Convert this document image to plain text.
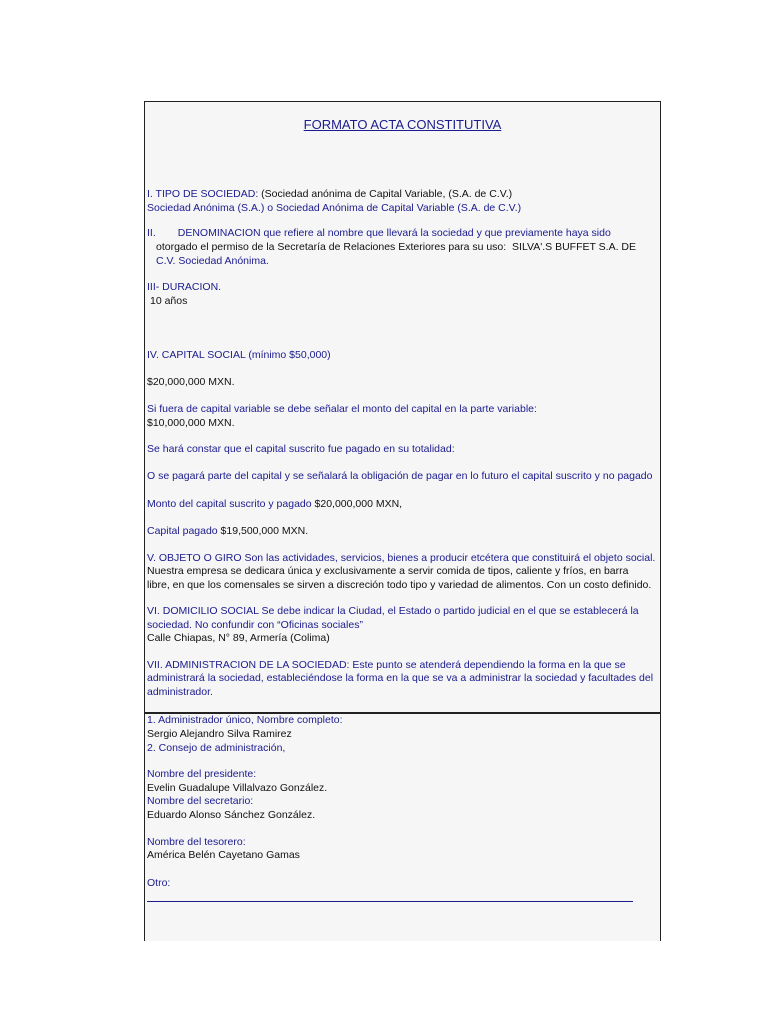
FORMATO ACTA CONSTITUTIVA

I. TIPO DE SOCIEDAD: (Sociedad anónima de Capital Variable, (S.A. de C.V.)

Sociedad Anónima (S.A.) o Sociedad Anónima de Capital Variable (S.A. de C.V.)

II. DENOMINACION que refiere al nombre que llevará la sociedad y que previamente haya sido

otorgado el permiso de la Secretaría de Relaciones Exteriores para su uso: SILVA'.S BUFFET S.A. DE

C.V. Sociedad Anónima.

III- DURACION.

10 años

IV. CAPITAL SOCIAL (mínimo $50,000)

$20,000,000 MXN.

Si fuera de capital variable se debe señalar el monto del capital en la parte variable:

$10,000,000 MXN.

Se hará constar que el capital suscrito fue pagado en su totalidad:

O se pagará parte del capital y se señalará la obligación de pagar en lo futuro el capital suscrito y no pagado

Monto del capital suscrito y pagado $20,000,000 MXN,

Capital pagado $19,500,000 MXN.

V. OBJETO O GIRO Son las actividades, servicios, bienes a producir etcétera que constituirá el objeto social.

Nuestra empresa se dedicara única y exclusivamente a servir comida de tipos, caliente y fríos, en barra

libre, en que los comensales se sirven a discreción todo tipo y variedad de alimentos. Con un costo definido.

VI. DOMICILIO SOCIAL Se debe indicar la Ciudad, el Estado o partido judicial en el que se establecerá la

sociedad. No confundir con “Oficinas sociales”

Calle Chiapas, N° 89, Armería (Colima)

VII. ADMINISTRACION DE LA SOCIEDAD: Este punto se atenderá dependiendo la forma en la que se

administrará la sociedad, estableciéndose la forma en la que se va a administrar la sociedad y facultades del

administrador.

1. Administrador único, Nombre completo:

Sergio Alejandro Silva Ramirez

2. Consejo de administración,

Nombre del presidente:

Evelin Guadalupe Villalvazo González.

Nombre del secretario:

Eduardo Alonso Sánchez González.

Nombre del tesorero:

América Belén Cayetano Gamas

Otro:
